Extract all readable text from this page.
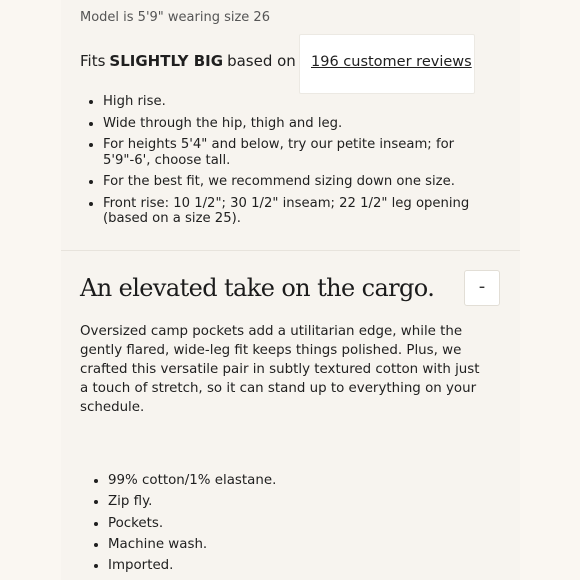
Model is 5'9" wearing size 26
Fits SLIGHTLY BIG based on 196 customer reviews
• High rise.
• Wide through the hip, thigh and leg.
• For heights 5'4" and below, try our petite inseam; for 5'9"-6', choose tall.
• For the best fit, we recommend sizing down one size.
• Front rise: 10 1/2"; 30 1/2" inseam; 22 1/2" leg opening (based on a size 25).
An elevated take on the cargo.	-
Oversized camp pockets add a utilitarian edge, while the gently flared, wide-leg fit keeps things polished. Plus, we crafted this versatile pair in subtly textured cotton with just a touch of stretch, so it can stand up to everything on your schedule.
• 99% cotton/1% elastane.
• Zip fly.
• Pockets.
• Machine wash.
• Imported.
